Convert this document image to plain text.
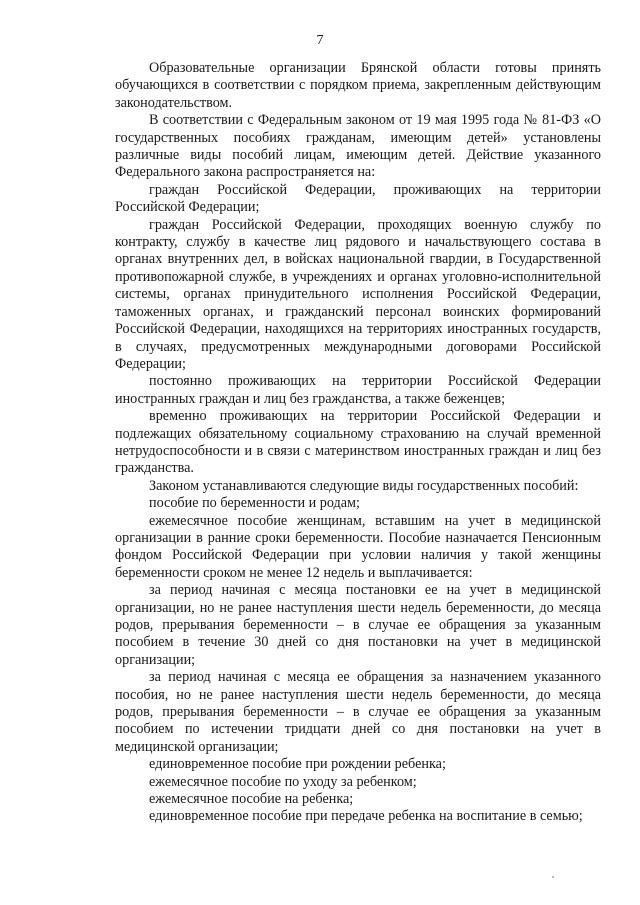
7

Образовательные организации Брянской области готовы принять обучающихся в соответствии с порядком приема, закрепленным действующим законодательством.

В соответствии с Федеральным законом от 19 мая 1995 года № 81-ФЗ «О государственных пособиях гражданам, имеющим детей» установлены различные виды пособий лицам, имеющим детей. Действие указанного Федерального закона распространяется на:

граждан Российской Федерации, проживающих на территории Российской Федерации;

граждан Российской Федерации, проходящих военную службу по контракту, службу в качестве лиц рядового и начальствующего состава в органах внутренних дел, в войсках национальной гвардии, в Государственной противопожарной службе, в учреждениях и органах уголовно-исполнительной системы, органах принудительного исполнения Российской Федерации, таможенных органах, и гражданский персонал воинских формирований Российской Федерации, находящихся на территориях иностранных государств, в случаях, предусмотренных международными договорами Российской Федерации;

постоянно проживающих на территории Российской Федерации иностранных граждан и лиц без гражданства, а также беженцев;

временно проживающих на территории Российской Федерации и подлежащих обязательному социальному страхованию на случай временной нетрудоспособности и в связи с материнством иностранных граждан и лиц без гражданства.

Законом устанавливаются следующие виды государственных пособий:

пособие по беременности и родам;

ежемесячное пособие женщинам, вставшим на учет в медицинской организации в ранние сроки беременности. Пособие назначается Пенсионным фондом Российской Федерации при условии наличия у такой женщины беременности сроком не менее 12 недель и выплачивается:

за период начиная с месяца постановки ее на учет в медицинской организации, но не ранее наступления шести недель беременности, до месяца родов, прерывания беременности – в случае ее обращения за указанным пособием в течение 30 дней со дня постановки на учет в медицинской организации;

за период начиная с месяца ее обращения за назначением указанного пособия, но не ранее наступления шести недель беременности, до месяца родов, прерывания беременности – в случае ее обращения за указанным пособием по истечении тридцати дней со дня постановки на учет в медицинской организации;

единовременное пособие при рождении ребенка;

ежемесячное пособие по уходу за ребенком;

ежемесячное пособие на ребенка;

единовременное пособие при передаче ребенка на воспитание в семью;
